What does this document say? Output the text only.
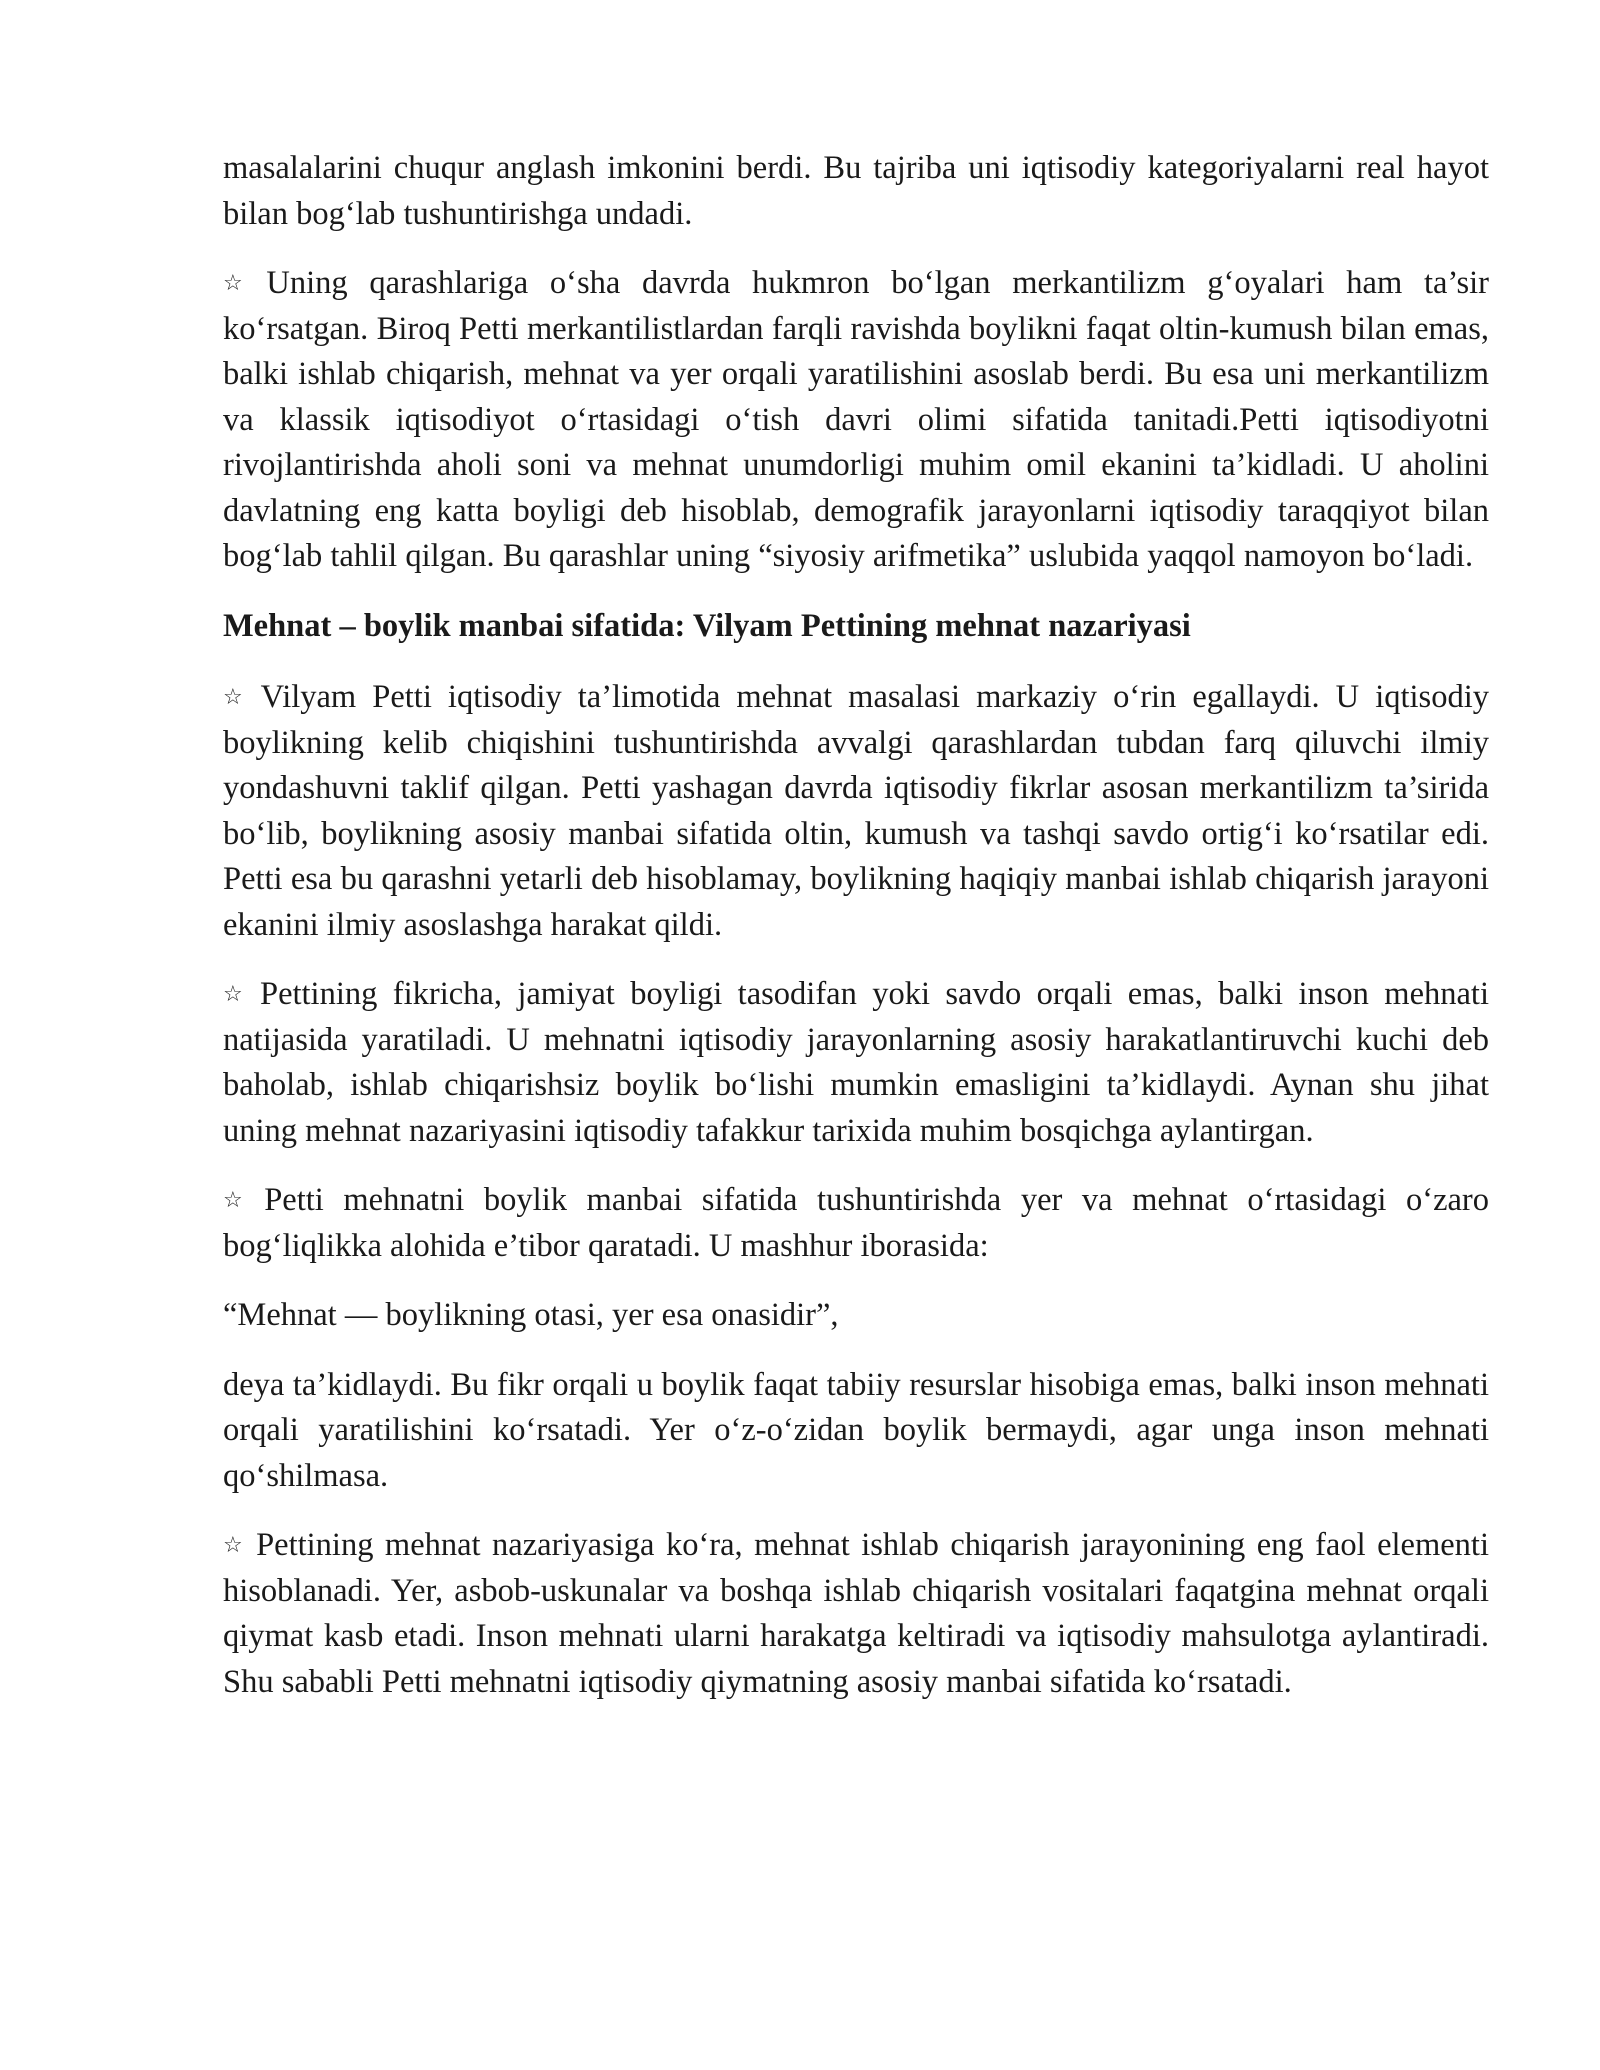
masalalarini chuqur anglash imkonini berdi. Bu tajriba uni iqtisodiy kategoriyalarni real hayot bilan bog‘lab tushuntirishga undadi.

☆ Uning qarashlariga o‘sha davrda hukmron bo‘lgan merkantilizm g‘oyalari ham ta’sir ko‘rsatgan. Biroq Petti merkantilistlardan farqli ravishda boylikni faqat oltin-kumush bilan emas, balki ishlab chiqarish, mehnat va yer orqali yaratilishini asoslab berdi. Bu esa uni merkantilizm va klassik iqtisodiyot o‘rtasidagi o‘tish davri olimi sifatida tanitadi.Petti iqtisodiyotni rivojlantirishda aholi soni va mehnat unumdorligi muhim omil ekanini ta’kidladi. U aholini davlatning eng katta boyligi deb hisoblab, demografik jarayonlarni iqtisodiy taraqqiyot bilan bog‘lab tahlil qilgan. Bu qarashlar uning “siyosiy arifmetika” uslubida yaqqol namoyon bo‘ladi.

Mehnat – boylik manbai sifatida: Vilyam Pettining mehnat nazariyasi

☆ Vilyam Petti iqtisodiy ta’limotida mehnat masalasi markaziy o‘rin egallaydi. U iqtisodiy boylikning kelib chiqishini tushuntirishda avvalgi qarashlardan tubdan farq qiluvchi ilmiy yondashuvni taklif qilgan. Petti yashagan davrda iqtisodiy fikrlar asosan merkantilizm ta’sirida bo‘lib, boylikning asosiy manbai sifatida oltin, kumush va tashqi savdo ortig‘i ko‘rsatilar edi. Petti esa bu qarashni yetarli deb hisoblamay, boylikning haqiqiy manbai ishlab chiqarish jarayoni ekanini ilmiy asoslashga harakat qildi.

☆ Pettining fikricha, jamiyat boyligi tasodifan yoki savdo orqali emas, balki inson mehnati natijasida yaratiladi. U mehnatni iqtisodiy jarayonlarning asosiy harakatlantiruvchi kuchi deb baholab, ishlab chiqarishsiz boylik bo‘lishi mumkin emasligini ta’kidlaydi. Aynan shu jihat uning mehnat nazariyasini iqtisodiy tafakkur tarixida muhim bosqichga aylantirgan.

☆ Petti mehnatni boylik manbai sifatida tushuntirishda yer va mehnat o‘rtasidagi o‘zaro bog‘liqlikka alohida e’tibor qaratadi. U mashhur iborasida:

“Mehnat — boylikning otasi, yer esa onasidir”,

deya ta’kidlaydi. Bu fikr orqali u boylik faqat tabiiy resurslar hisobiga emas, balki inson mehnati orqali yaratilishini ko‘rsatadi. Yer o‘z-o‘zidan boylik bermaydi, agar unga inson mehnati qo‘shilmasa.

☆ Pettining mehnat nazariyasiga ko‘ra, mehnat ishlab chiqarish jarayonining eng faol elementi hisoblanadi. Yer, asbob-uskunalar va boshqa ishlab chiqarish vositalari faqatgina mehnat orqali qiymat kasb etadi. Inson mehnati ularni harakatga keltiradi va iqtisodiy mahsulotga aylantiradi. Shu sababli Petti mehnatni iqtisodiy qiymatning asosiy manbai sifatida ko‘rsatadi.
